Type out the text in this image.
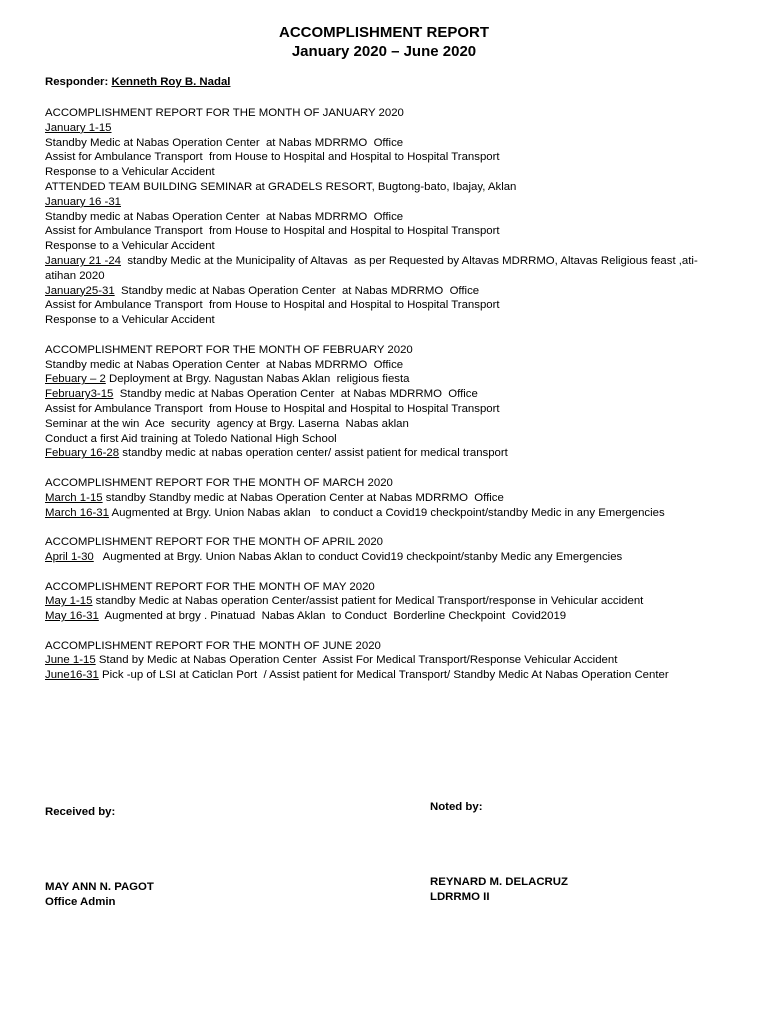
ACCOMPLISHMENT REPORT
January 2020 – June 2020
Responder: Kenneth Roy B. Nadal
ACCOMPLISHMENT REPORT FOR THE MONTH OF JANUARY 2020
January 1-15
Standby Medic at Nabas Operation Center  at Nabas MDRRMO  Office
Assist for Ambulance Transport  from House to Hospital and Hospital to Hospital Transport
Response to a Vehicular Accident
ATTENDED TEAM BUILDING SEMINAR at GRADELS RESORT, Bugtong-bato, Ibajay, Aklan
January 16 -31
Standby medic at Nabas Operation Center  at Nabas MDRRMO  Office
Assist for Ambulance Transport  from House to Hospital and Hospital to Hospital Transport
Response to a Vehicular Accident
January 21 -24  standby Medic at the Municipality of Altavas  as per Requested by Altavas MDRRMO, Altavas Religious feast ,ati-atihan 2020
January25-31  Standby medic at Nabas Operation Center  at Nabas MDRRMO  Office
Assist for Ambulance Transport  from House to Hospital and Hospital to Hospital Transport
Response to a Vehicular Accident
ACCOMPLISHMENT REPORT FOR THE MONTH OF FEBRUARY 2020
Standby medic at Nabas Operation Center  at Nabas MDRRMO  Office
Febuary – 2 Deployment at Brgy. Nagustan Nabas Aklan  religious fiesta
February3-15  Standby medic at Nabas Operation Center  at Nabas MDRRMO  Office
Assist for Ambulance Transport  from House to Hospital and Hospital to Hospital Transport
Seminar at the win  Ace  security  agency at Brgy. Laserna  Nabas aklan
Conduct a first Aid training at Toledo National High School
Febuary 16-28 standby medic at nabas operation center/ assist patient for medical transport
ACCOMPLISHMENT REPORT FOR THE MONTH OF MARCH 2020
March 1-15 standby Standby medic at Nabas Operation Center at Nabas MDRRMO  Office
March 16-31 Augmented at Brgy. Union Nabas aklan   to conduct a Covid19 checkpoint/standby Medic in any Emergencies
ACCOMPLISHMENT REPORT FOR THE MONTH OF APRIL 2020
April 1-30   Augmented at Brgy. Union Nabas Aklan to conduct Covid19 checkpoint/stanby Medic any Emergencies
ACCOMPLISHMENT REPORT FOR THE MONTH OF MAY 2020
May 1-15 standby Medic at Nabas operation Center/assist patient for Medical Transport/response in Vehicular accident
May 16-31  Augmented at brgy . Pinatuad  Nabas Aklan  to Conduct  Borderline Checkpoint  Covid2019
ACCOMPLISHMENT REPORT FOR THE MONTH OF JUNE 2020
June 1-15 Stand by Medic at Nabas Operation Center  Assist For Medical Transport/Response Vehicular Accident
June16-31 Pick -up of LSI at Caticlan Port  / Assist patient for Medical Transport/ Standby Medic At Nabas Operation Center
Received by:
MAY ANN N. PAGOT
Office Admin
Noted by:
REYNARD M. DELACRUZ
LDRRMO II
